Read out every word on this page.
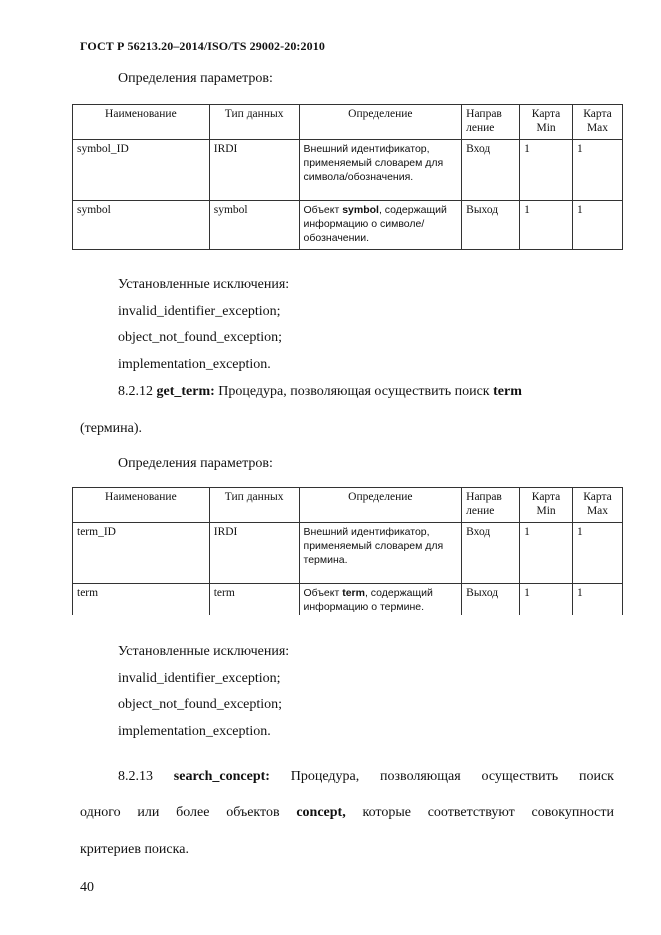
ГОСТ Р 56213.20–2014/ISO/TS 29002-20:2010
Определения параметров:
Наименование	Тип данных	Определение	Направ ление	Карта Min	Карта Max
symbol_ID	IRDI	Внешний идентификатор, применяемый словарем для символа/обозначения.	Вход	1	1
symbol	symbol	Объект symbol, содержащий информацию о символе/обозначении.	Выход	1	1
Установленные исключения:
invalid_identifier_exception;
object_not_found_exception;
implementation_exception.
8.2.12 get_term: Процедура, позволяющая осуществить поиск term
(термина).
Определения параметров:
Наименование	Тип данных	Определение	Направ ление	Карта Min	Карта Max
term_ID	IRDI	Внешний идентификатор, применяемый словарем для термина.	Вход	1	1
term	term	Объект term, содержащий информацию о термине.	Выход	1	1
Установленные исключения:
invalid_identifier_exception;
object_not_found_exception;
implementation_exception.
8.2.13 search_concept: Процедура, позволяющая осуществить поиск
одного или более объектов concept, которые соответствуют совокупности
критериев поиска.
40
